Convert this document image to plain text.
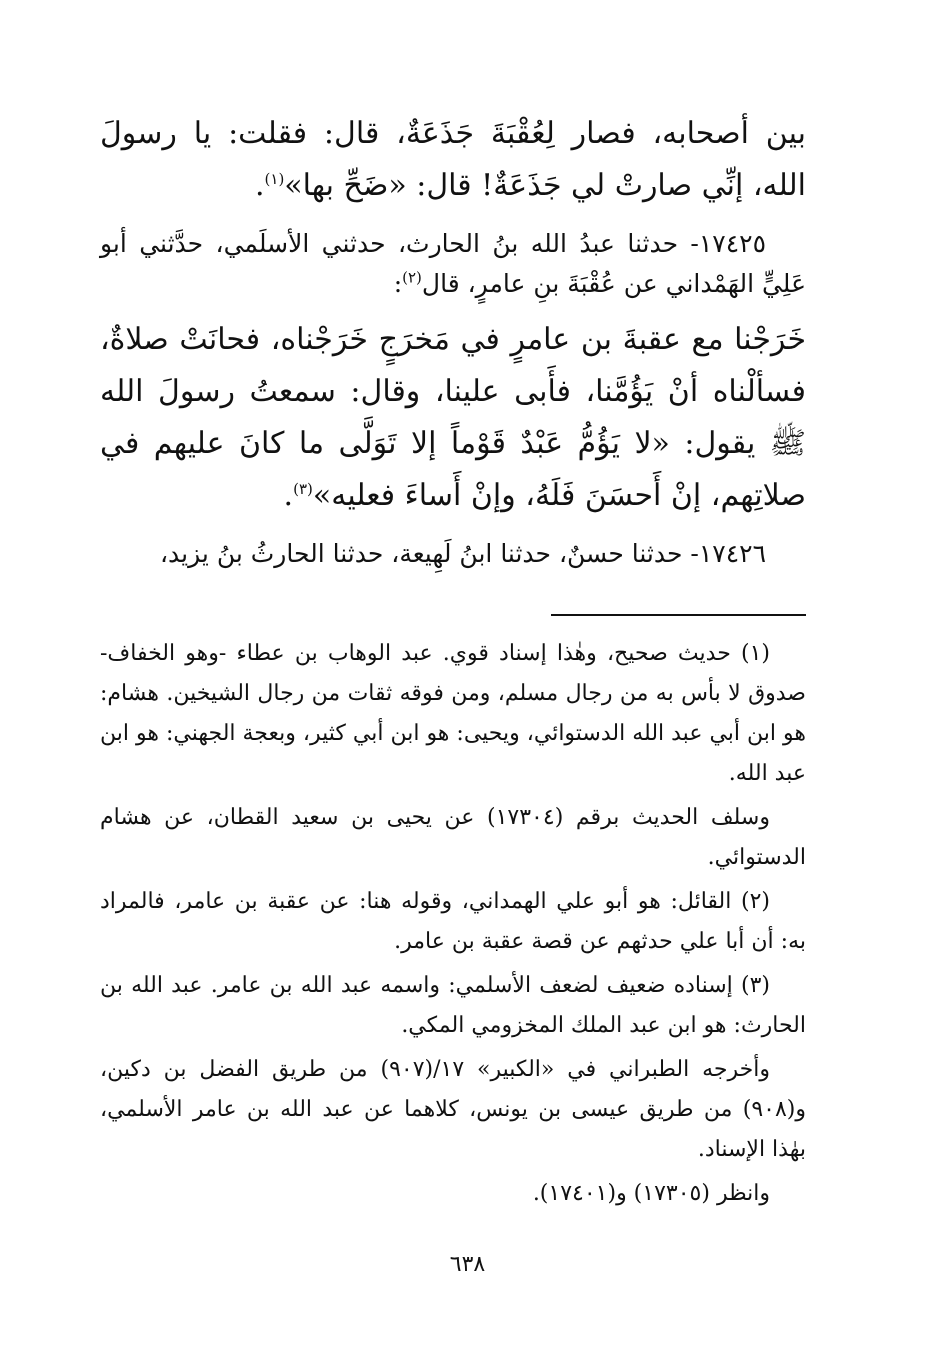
بين أصحابه، فصار لِعُقْبَةَ جَذَعَةٌ، قال: فقلت: يا رسولَ الله، إنِّي صارتْ لي جَذَعَةٌ! قال: «ضَحِّ بها»$^{(١)}$.

١٧٤٢٥- حدثنا عبدُ الله بنُ الحارث، حدثني الأسلَمي، حدَّثني أبو عَلِيٍّ الهَمْداني عن عُقْبَةَ بنِ عامرٍ، قال$^{(٢)}$:

خَرَجْنا مع عقبةَ بن عامرٍ في مَخرَجٍ خَرَجْناه، فحانَتْ صلاةٌ، فسألْناه أنْ يَؤُمَّنا، فأَبى علينا، وقال: سمعتُ رسولَ الله ﷺ يقول: «لا يَؤُمُّ عَبْدٌ قَوْماً إلا تَوَلَّى ما كانَ عليهم في صلاتِهم، إنْ أَحسَنَ فَلَهُ، وإنْ أَساءَ فعليه»$^{(٣)}$.

١٧٤٢٦- حدثنا حسنٌ، حدثنا ابنُ لَهِيعة، حدثنا الحارثُ بنُ يزيد،

(١) حديث صحيح، وهٰذا إسناد قوي. عبد الوهاب بن عطاء -وهو الخفاف- صدوق لا بأس به من رجال مسلم، ومن فوقه ثقات من رجال الشيخين. هشام: هو ابن أبي عبد الله الدستوائي، ويحيى: هو ابن أبي كثير، وبعجة الجهني: هو ابن عبد الله.

وسلف الحديث برقم (١٧٣٠٤) عن يحيى بن سعيد القطان، عن هشام الدستوائي.

(٢) القائل: هو أبو علي الهمداني، وقوله هنا: عن عقبة بن عامر، فالمراد به: أن أبا علي حدثهم عن قصة عقبة بن عامر.

(٣) إسناده ضعيف لضعف الأسلمي: واسمه عبد الله بن عامر. عبد الله بن الحارث: هو ابن عبد الملك المخزومي المكي.

وأخرجه الطبراني في «الكبير» ١٧/(٩٠٧) من طريق الفضل بن دكين، و(٩٠٨) من طريق عيسى بن يونس، كلاهما عن عبد الله بن عامر الأسلمي، بهٰذا الإسناد.

وانظر (١٧٣٠٥) و(١٧٤٠١).

٦٣٨
